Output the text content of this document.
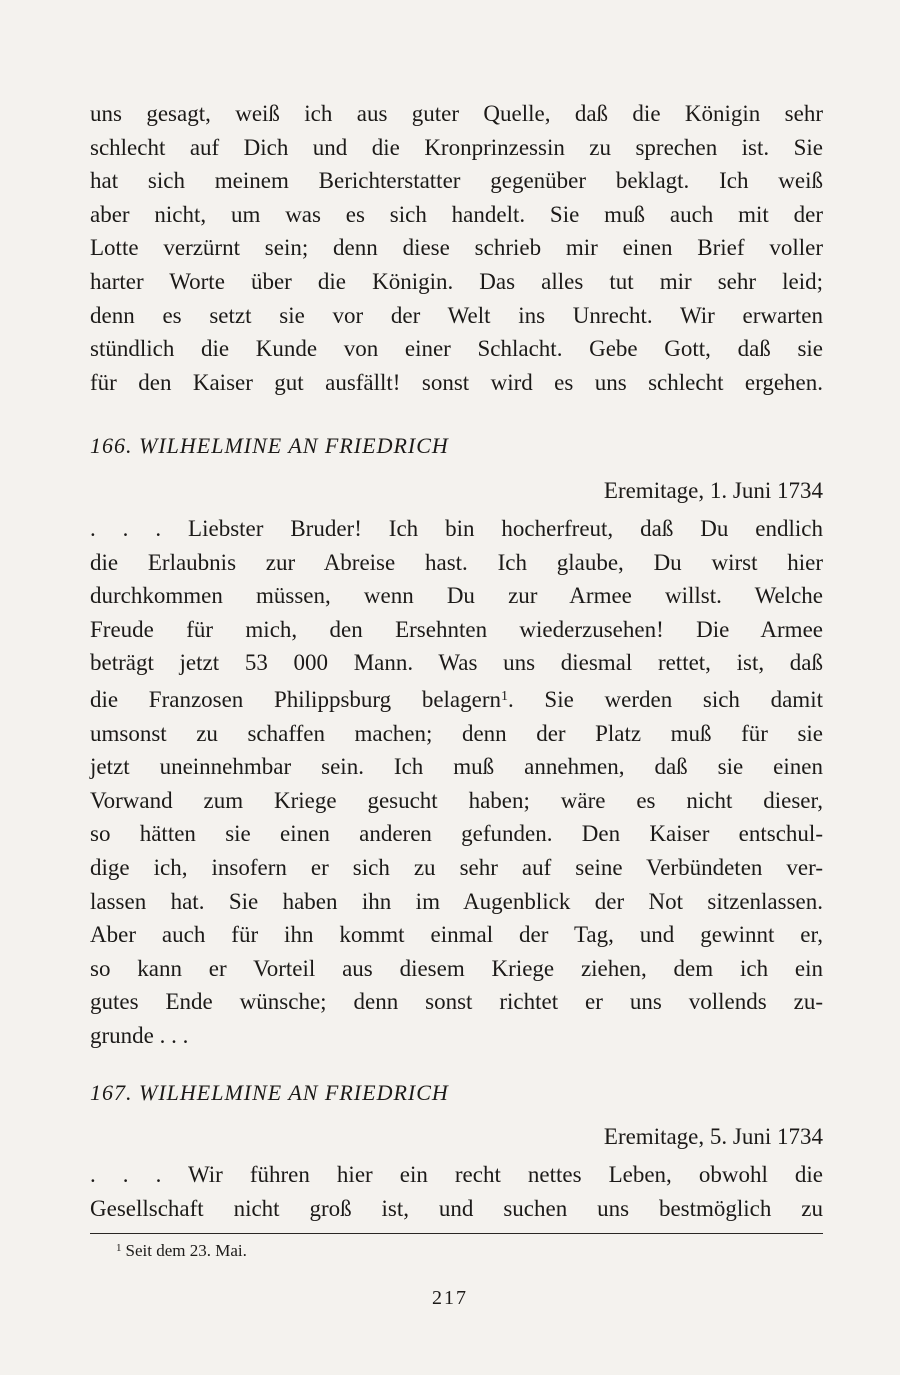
uns gesagt, weiß ich aus guter Quelle, daß die Königin sehr
schlecht auf Dich und die Kronprinzessin zu sprechen ist. Sie
hat sich meinem Berichterstatter gegenüber beklagt. Ich weiß
aber nicht, um was es sich handelt. Sie muß auch mit der
Lotte verzürnt sein; denn diese schrieb mir einen Brief voller
harter Worte über die Königin. Das alles tut mir sehr leid;
denn es setzt sie vor der Welt ins Unrecht. Wir erwarten
stündlich die Kunde von einer Schlacht. Gebe Gott, daß sie
für den Kaiser gut ausfällt! sonst wird es uns schlecht ergehen.
166. WILHELMINE AN FRIEDRICH
Eremitage, 1. Juni 1734
. . . Liebster Bruder! Ich bin hocherfreut, daß Du endlich
die Erlaubnis zur Abreise hast. Ich glaube, Du wirst hier
durchkommen müssen, wenn Du zur Armee willst. Welche
Freude für mich, den Ersehnten wiederzusehen! Die Armee
beträgt jetzt 53 000 Mann. Was uns diesmal rettet, ist, daß
die Franzosen Philippsburg belagern$^1$. Sie werden sich damit
umsonst zu schaffen machen; denn der Platz muß für sie
jetzt uneinnehmbar sein. Ich muß annehmen, daß sie einen
Vorwand zum Kriege gesucht haben; wäre es nicht dieser,
so hätten sie einen anderen gefunden. Den Kaiser entschul-
dige ich, insofern er sich zu sehr auf seine Verbündeten ver-
lassen hat. Sie haben ihn im Augenblick der Not sitzenlassen.
Aber auch für ihn kommt einmal der Tag, und gewinnt er,
so kann er Vorteil aus diesem Kriege ziehen, dem ich ein
gutes Ende wünsche; denn sonst richtet er uns vollends zu-
grunde . . .
167. WILHELMINE AN FRIEDRICH
Eremitage, 5. Juni 1734
. . . Wir führen hier ein recht nettes Leben, obwohl die
Gesellschaft nicht groß ist, und suchen uns bestmöglich zu
$^1$ Seit dem 23. Mai.
217
